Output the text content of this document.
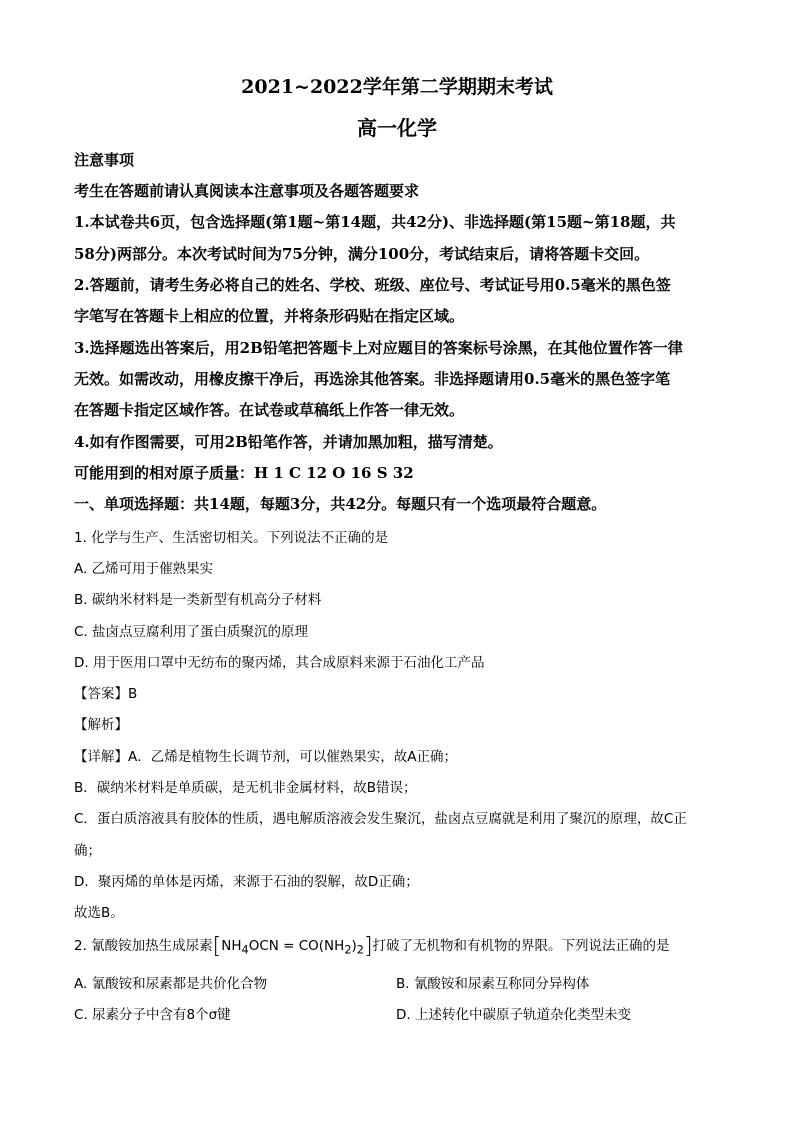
2021~2022学年第二学期期末考试
高一化学
注意事项
考生在答题前请认真阅读本注意事项及各题答题要求
1.本试卷共6页，包含选择题(第1题~第14题，共42分)、非选择题(第15题~第18题，共
58分)两部分。本次考试时间为75分钟，满分100分，考试结束后，请将答题卡交回。
2.答题前，请考生务必将自己的姓名、学校、班级、座位号、考试证号用0.5毫米的黑色签
字笔写在答题卡上相应的位置，并将条形码贴在指定区域。
3.选择题选出答案后，用2B铅笔把答题卡上对应题目的答案标号涂黑，在其他位置作答一律
无效。如需改动，用橡皮擦干净后，再选涂其他答案。非选择题请用0.5毫米的黑色签字笔
在答题卡指定区域作答。在试卷或草稿纸上作答一律无效。
4.如有作图需要，可用2B铅笔作答，并请加黑加粗，描写清楚。
可能用到的相对原子质量：H 1 C 12 O 16 S 32
一、单项选择题：共14题，每题3分，共42分。每题只有一个选项最符合题意。
1. 化学与生产、生活密切相关。下列说法不正确的是
A. 乙烯可用于催熟果实
B. 碳纳米材料是一类新型有机高分子材料
C. 盐卤点豆腐利用了蛋白质聚沉的原理
D. 用于医用口罩中无纺布的聚丙烯，其合成原料来源于石油化工产品
【答案】B
【解析】
【详解】A．乙烯是植物生长调节剂，可以催熟果实，故A正确；
B．碳纳米材料是单质碳，是无机非金属材料，故B错误；
C．蛋白质溶液具有胶体的性质，遇电解质溶液会发生聚沉，盐卤点豆腐就是利用了聚沉的原理，故C正
确；
D．聚丙烯的单体是丙烯，来源于石油的裂解，故D正确；
故选B。
2. 氰酸铵加热生成尿素$[NH_4OCN = CO(NH_2)_2]$打破了无机物和有机物的界限。下列说法正确的是
A. 氰酸铵和尿素都是共价化合物	B. 氰酸铵和尿素互称同分异构体
C. 尿素分子中含有8个σ键	D. 上述转化中碳原子轨道杂化类型未变
